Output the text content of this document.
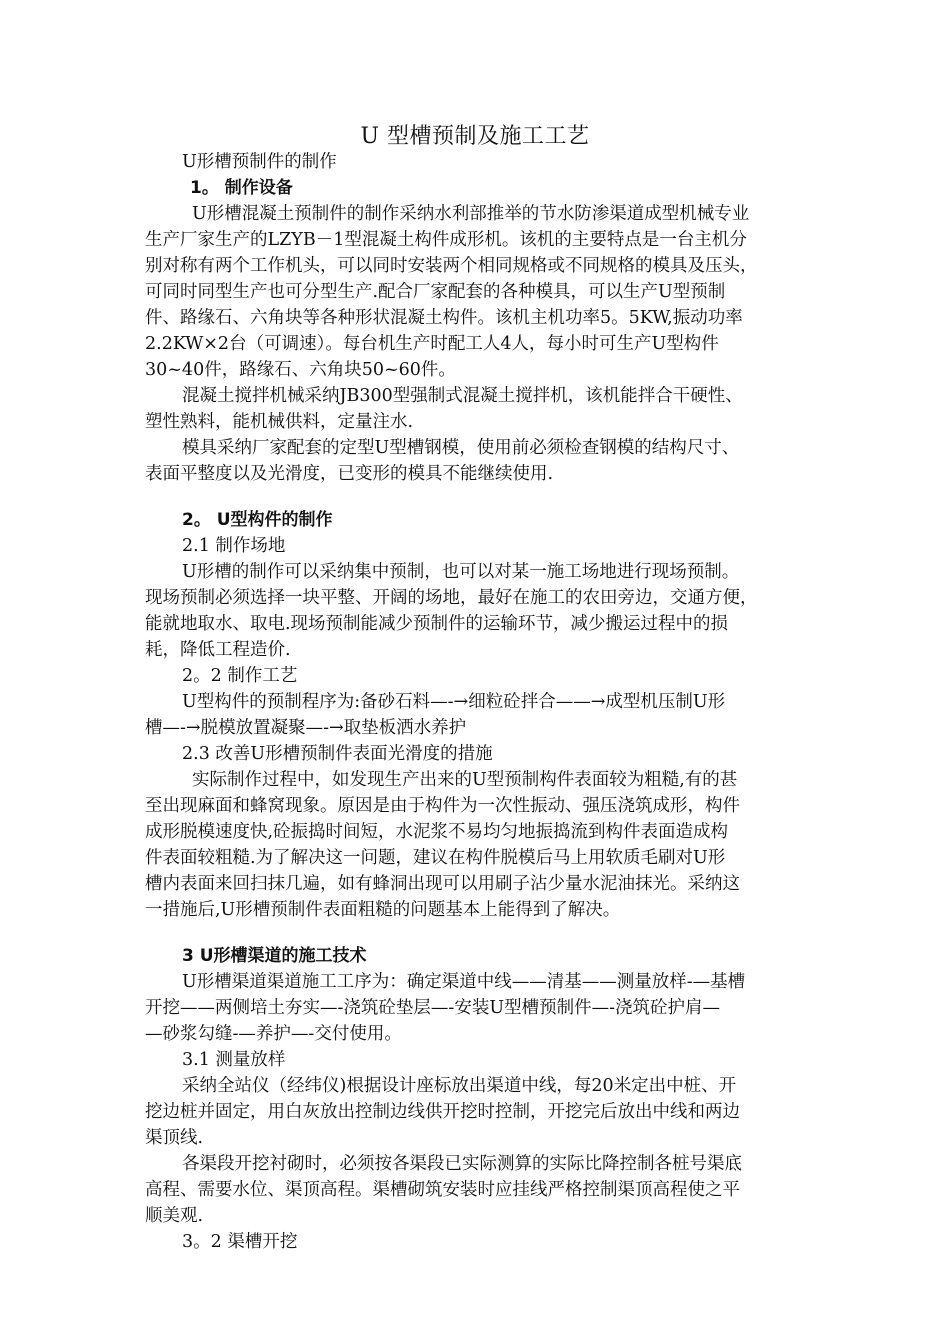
U 型槽预制及施工工艺
U形槽预制件的制作
1。 制作设备
U形槽混凝土预制件的制作采纳水利部推举的节水防渗渠道成型机械专业
生产厂家生产的LZYB－1型混凝土构件成形机。该机的主要特点是一台主机分
别对称有两个工作机头，可以同时安装两个相同规格或不同规格的模具及压头，
可同时同型生产也可分型生产.配合厂家配套的各种模具，可以生产U型预制
件、路缘石、六角块等各种形状混凝土构件。该机主机功率5。5KW,振动功率
2.2KW×2台（可调速）。每台机生产时配工人4人，每小时可生产U型构件
30~40件，路缘石、六角块50~60件。
混凝土搅拌机械采纳JB300型强制式混凝土搅拌机，该机能拌合干硬性、
塑性熟料，能机械供料，定量注水.
模具采纳厂家配套的定型U型槽钢模，使用前必须检查钢模的结构尺寸、
表面平整度以及光滑度，已变形的模具不能继续使用.
2。 U型构件的制作
2.1 制作场地
U形槽的制作可以采纳集中预制，也可以对某一施工场地进行现场预制。
现场预制必须选择一块平整、开阔的场地，最好在施工的农田旁边，交通方便，
能就地取水、取电.现场预制能减少预制件的运输环节，减少搬运过程中的损
耗，降低工程造价.
2。2 制作工艺
U型构件的预制程序为:备砂石料—-→细粒砼拌合——→成型机压制U形
槽—-→脱模放置凝聚—-→取垫板洒水养护
2.3 改善U形槽预制件表面光滑度的措施
实际制作过程中，如发现生产出来的U型预制构件表面较为粗糙,有的甚
至出现麻面和蜂窝现象。原因是由于构件为一次性振动、强压浇筑成形，构件
成形脱模速度快,砼振捣时间短，水泥浆不易均匀地振捣流到构件表面造成构
件表面较粗糙.为了解决这一问题，建议在构件脱模后马上用软质毛刷对U形
槽内表面来回扫抹几遍，如有蜂洞出现可以用刷子沾少量水泥油抹光。采纳这
一措施后,U形槽预制件表面粗糙的问题基本上能得到了解决。
3 U形槽渠道的施工技术
U形槽渠道渠道施工工序为：确定渠道中线——清基——测量放样-—基槽
开挖——两侧培土夯实—-浇筑砼垫层—-安装U型槽预制件—-浇筑砼护肩—
—砂浆勾缝-—养护—-交付使用。
3.1 测量放样
采纳全站仪（经纬仪)根据设计座标放出渠道中线，每20米定出中桩、开
挖边桩并固定，用白灰放出控制边线供开挖时控制，开挖完后放出中线和两边
渠顶线.
各渠段开挖衬砌时，必须按各渠段已实际测算的实际比降控制各桩号渠底
高程、需要水位、渠顶高程。渠槽砌筑安装时应挂线严格控制渠顶高程使之平
顺美观.
3。2 渠槽开挖
